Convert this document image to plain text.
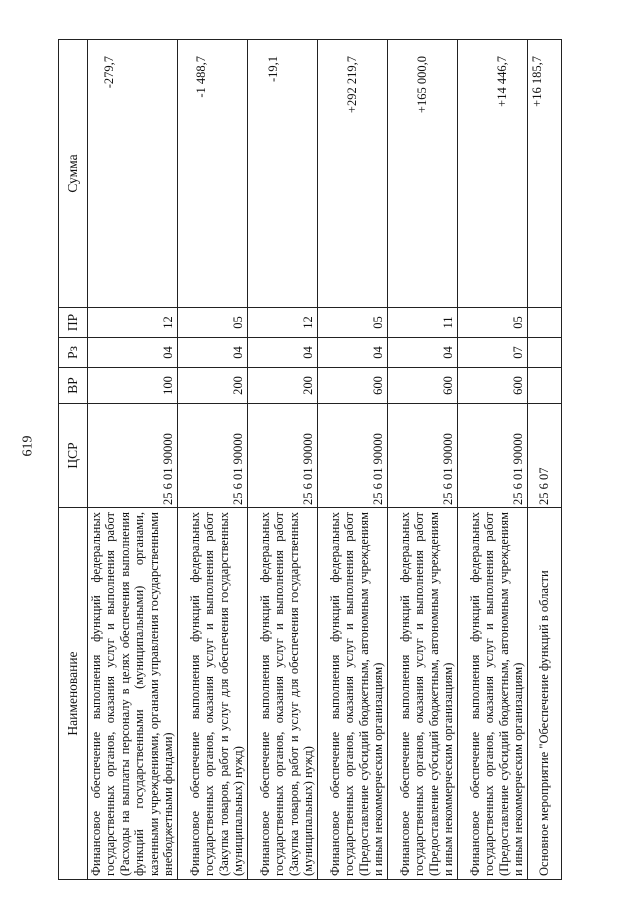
619
Наименование	ЦСР	ВР	Рз	ПР	Сумма
Финансовое обеспечение выполнения функций федеральных государственных органов, оказания услуг и выполнения работ (Расходы на выплаты персоналу в целях обеспечения выполнения функций государственными (муниципальными) органами, казенными учреждениями, органами управления государственными внебюджетными фондами)	25 6 01 90000	100	04	12	-279,7
Финансовое обеспечение выполнения функций федеральных государственных органов, оказания услуг и выполнения работ (Закупка товаров, работ и услуг для обеспечения государственных (муниципальных) нужд)	25 6 01 90000	200	04	05	-1 488,7
Финансовое обеспечение выполнения функций федеральных государственных органов, оказания услуг и выполнения работ (Закупка товаров, работ и услуг для обеспечения государственных (муниципальных) нужд)	25 6 01 90000	200	04	12	-19,1
Финансовое обеспечение выполнения функций федеральных государственных органов, оказания услуг и выполнения работ (Предоставление субсидий бюджетным, автономным учреждениям и иным некоммерческим организациям)	25 6 01 90000	600	04	05	+292 219,7
Финансовое обеспечение выполнения функций федеральных государственных органов, оказания услуг и выполнения работ (Предоставление субсидий бюджетным, автономным учреждениям и иным некоммерческим организациям)	25 6 01 90000	600	04	11	+165 000,0
Финансовое обеспечение выполнения функций федеральных государственных органов, оказания услуг и выполнения работ (Предоставление субсидий бюджетным, автономным учреждениям и иным некоммерческим организациям)	25 6 01 90000	600	07	05	+14 446,7
Основное мероприятие "Обеспечение функций в области	25 6 07				+16 185,7
